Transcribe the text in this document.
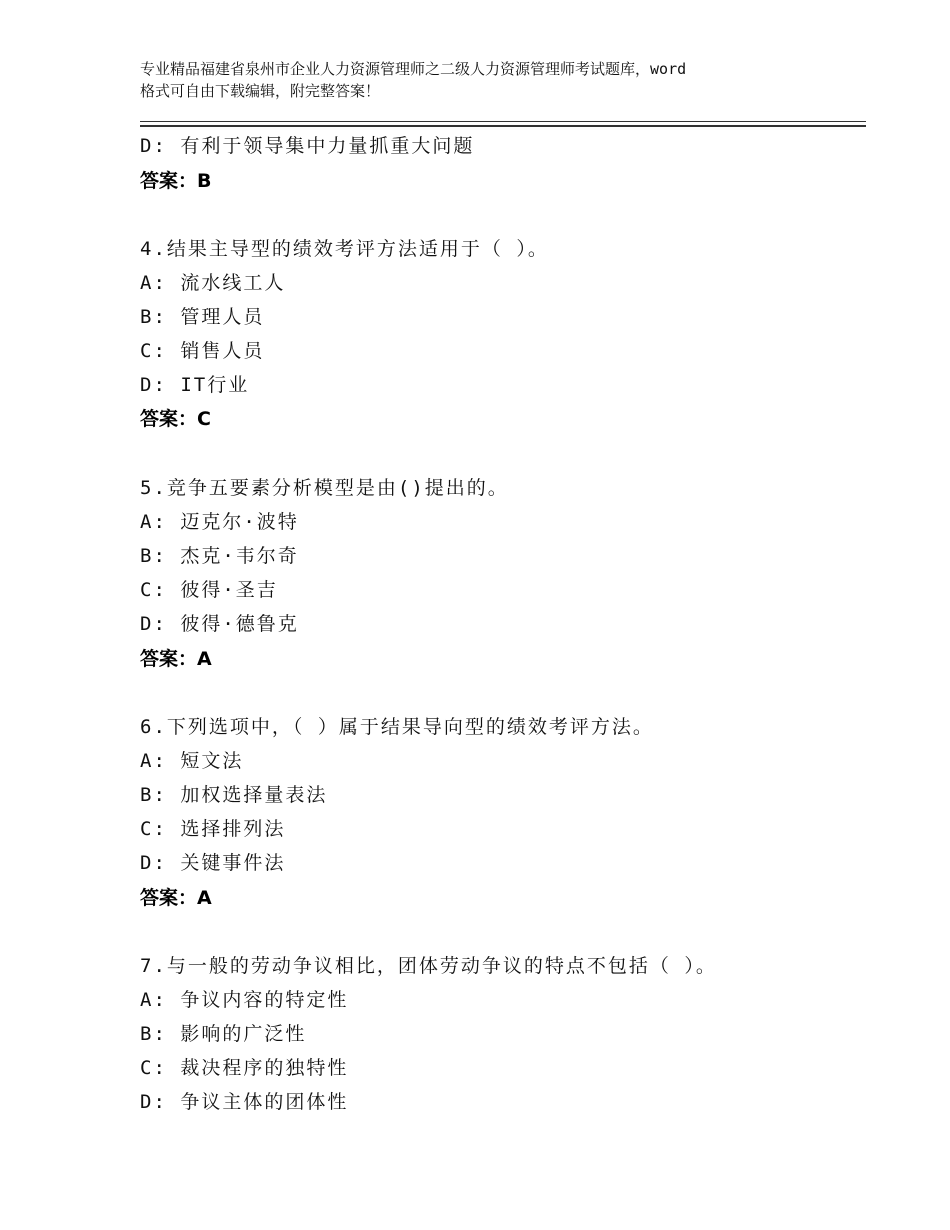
专业精品福建省泉州市企业人力资源管理师之二级人力资源管理师考试题库，word
格式可自由下载编辑，附完整答案！
D: 有利于领导集中力量抓重大问题
答案：B
4.结果主导型的绩效考评方法适用于（ ）。
A: 流水线工人
B: 管理人员
C: 销售人员
D: IT行业
答案：C
5.竞争五要素分析模型是由()提出的。
A: 迈克尔·波特
B: 杰克·韦尔奇
C: 彼得·圣吉
D: 彼得·德鲁克
答案：A
6.下列选项中，（ ）属于结果导向型的绩效考评方法。
A: 短文法
B: 加权选择量表法
C: 选择排列法
D: 关键事件法
答案：A
7.与一般的劳动争议相比，团体劳动争议的特点不包括（ ）。
A: 争议内容的特定性
B: 影响的广泛性
C: 裁决程序的独特性
D: 争议主体的团体性
